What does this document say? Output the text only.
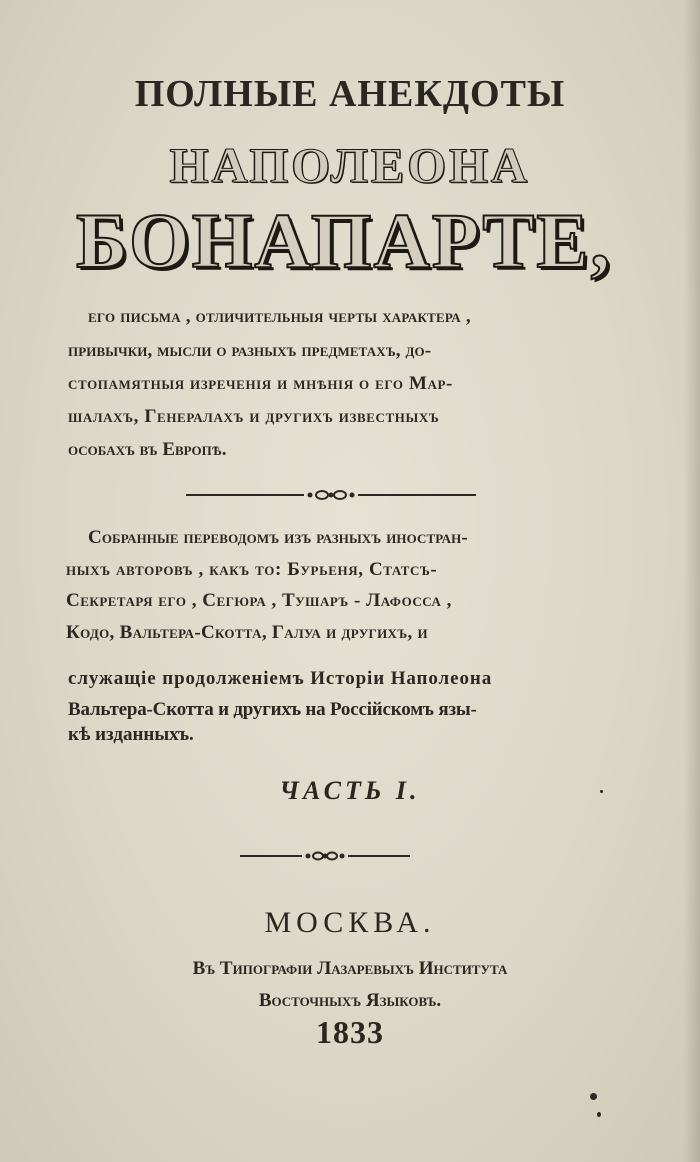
ПОЛНЫЕ АНЕКДОТЫ
НАПОЛЕОНА
БОНАПАРТЕ,
его письма , отличительныя черты характера ,
привычки, мысли о разныхъ предметахъ, до-
стопамятныя изреченія и мнѣнія о его Мар-
шалахъ, Генералахъ и другихъ известныхъ
особахъ въ Европѣ.
Собранные переводомъ изъ разныхъ иностран-
ныхъ авторовъ , какъ то: Бурьеня, Статсъ-
Секретаря его , Сегюра , Тушаръ - Лафосса ,
Кодо, Вальтера-Скотта, Галуа и другихъ, и
служащіе продолженіемъ Исторіи Наполеона
Вальтера-Скотта и другихъ на Россійскомъ язы-
кѣ изданныхъ.
ЧАСТЬ I.
МОСКВА.
Въ Типографіи Лазаревыхъ Института
Восточныхъ Языковъ.
1833
